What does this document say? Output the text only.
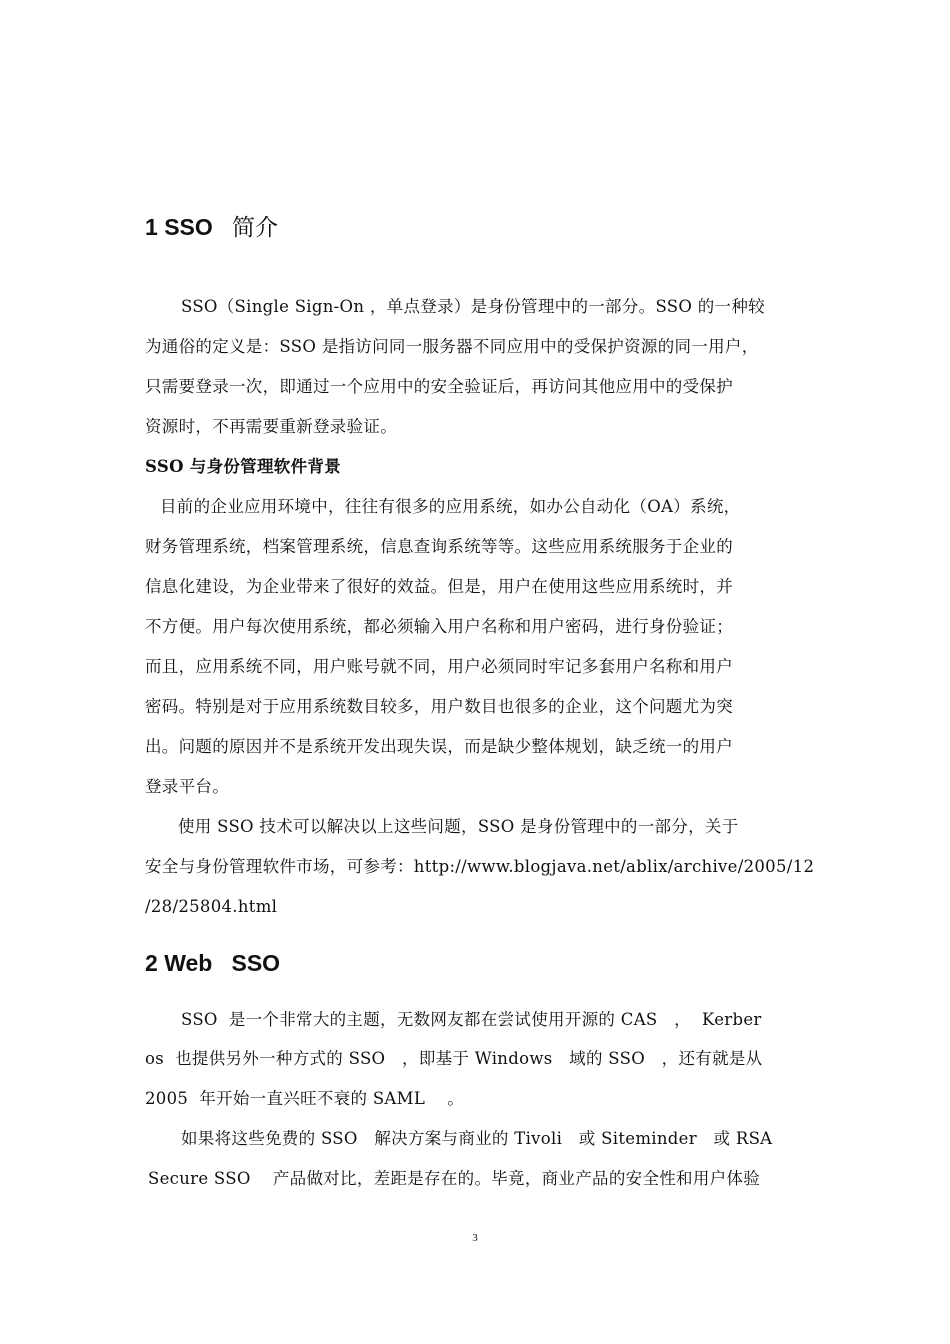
1 SSO 简介
SSO（Single Sign-On ，单点登录）是身份管理中的一部分。SSO 的一种较
为通俗的定义是：SSO 是指访问同一服务器不同应用中的受保护资源的同一用户，
只需要登录一次，即通过一个应用中的安全验证后，再访问其他应用中的受保护
资源时，不再需要重新登录验证。
SSO 与身份管理软件背景
目前的企业应用环境中，往往有很多的应用系统，如办公自动化（OA）系统，
财务管理系统，档案管理系统，信息查询系统等等。这些应用系统服务于企业的
信息化建设，为企业带来了很好的效益。但是，用户在使用这些应用系统时，并
不方便。用户每次使用系统，都必须输入用户名称和用户密码，进行身份验证；
而且，应用系统不同，用户账号就不同，用户必须同时牢记多套用户名称和用户
密码。特别是对于应用系统数目较多，用户数目也很多的企业，这个问题尤为突
出。问题的原因并不是系统开发出现失误，而是缺少整体规划，缺乏统一的用户
登录平台。
使用 SSO 技术可以解决以上这些问题，SSO 是身份管理中的一部分，关于
安全与身份管理软件市场，可参考：http://www.blogjava.net/ablix/archive/2005/12
/28/25804.html
2 Web SSO
SSO  是一个非常大的主题，无数网友都在尝试使用开源的 CAS   ，  Kerber
os  也提供另外一种方式的 SSO   ，即基于 Windows   域的 SSO   ，还有就是从
2005  年开始一直兴旺不衰的 SAML    。
如果将这些免费的 SSO   解决方案与商业的 Tivoli   或 Siteminder   或 RSA
Secure SSO    产品做对比，差距是存在的。毕竟，商业产品的安全性和用户体验
3
